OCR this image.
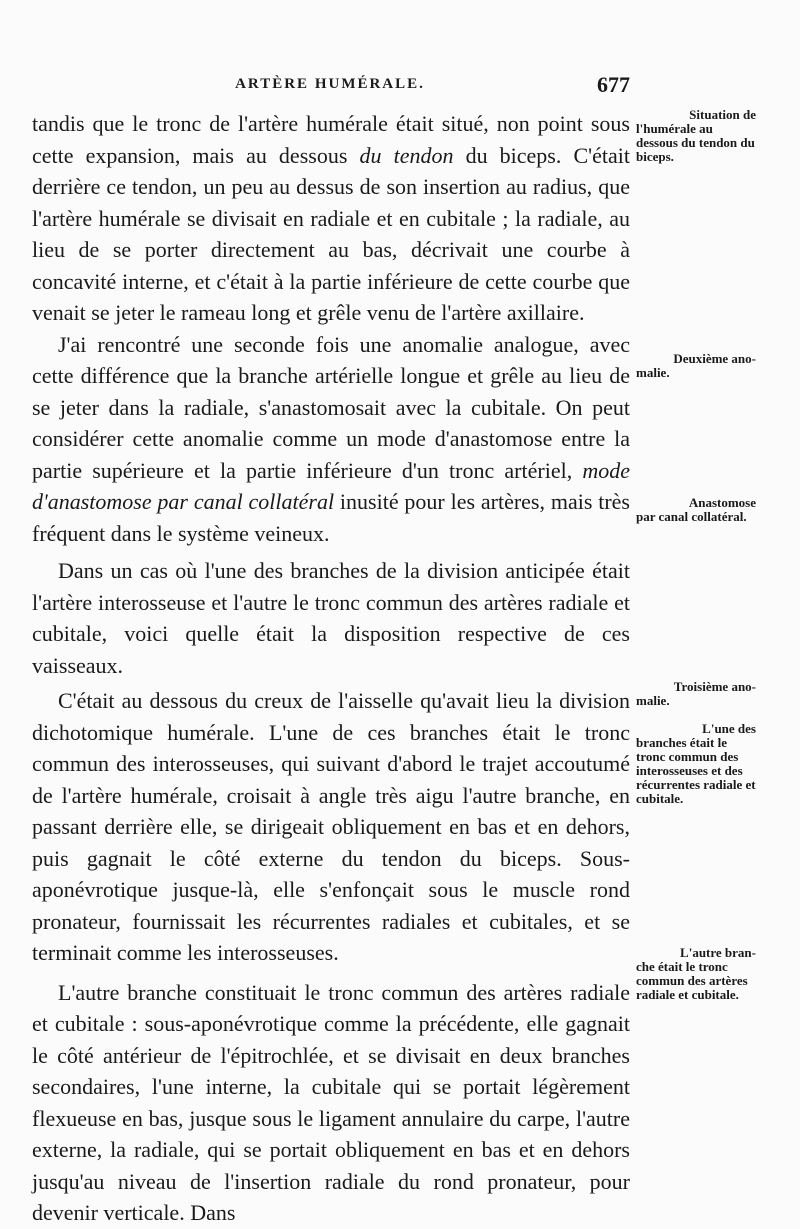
ARTÈRE HUMÉRALE.	677

tandis que le tronc de l'artère humérale était situé, non point sous cette expansion, mais au dessous du tendon du biceps. C'était derrière ce tendon, un peu au dessus de son insertion au radius, que l'artère humérale se divisait en radiale et en cubitale ; la radiale, au lieu de se porter directement au bas, décrivait une courbe à concavité interne, et c'était à la partie inférieure de cette courbe que venait se jeter le rameau long et grêle venu de l'artère axillaire.

J'ai rencontré une seconde fois une anomalie analogue, avec cette différence que la branche artérielle longue et grêle au lieu de se jeter dans la radiale, s'anastomosait avec la cubitale. On peut considérer cette anomalie comme un mode d'anastomose entre la partie supérieure et la partie inférieure d'un tronc artériel, mode d'anastomose par canal collatéral inusité pour les artères, mais très fréquent dans le système veineux.

Dans un cas où l'une des branches de la division anticipée était l'artère interosseuse et l'autre le tronc commun des artères radiale et cubitale, voici quelle était la disposition respective de ces vaisseaux.

C'était au dessous du creux de l'aisselle qu'avait lieu la division dichotomique humérale. L'une de ces branches était le tronc commun des interosseuses, qui suivant d'abord le trajet accoutumé de l'artère humérale, croisait à angle très aigu l'autre branche, en passant derrière elle, se dirigeait obliquement en bas et en dehors, puis gagnait le côté externe du tendon du biceps. Sous-aponévrotique jusque-là, elle s'enfonçait sous le muscle rond pronateur, fournissait les récurrentes radiales et cubitales, et se terminait comme les interosseuses.

L'autre branche constituait le tronc commun des artères radiale et cubitale : sous-aponévrotique comme la précédente, elle gagnait le côté antérieur de l'épitrochlée, et se divisait en deux branches secondaires, l'une interne, la cubitale qui se portait légèrement flexueuse en bas, jusque sous le ligament annulaire du carpe, l'autre externe, la radiale, qui se portait obliquement en bas et en dehors jusqu'au niveau de l'insertion radiale du rond pronateur, pour devenir verticale. Dans

Situation de
l'humérale au dessous du tendon du biceps.
Deuxième ano-
malie.
Anastomose
par canal collatéral.
Troisième ano-
malie.
L'une des
branches était le tronc commun des interosseuses et des récurrentes radiale et cubitale.
L'autre bran-
che était le tronc commun des artères radiale et cubitale.
